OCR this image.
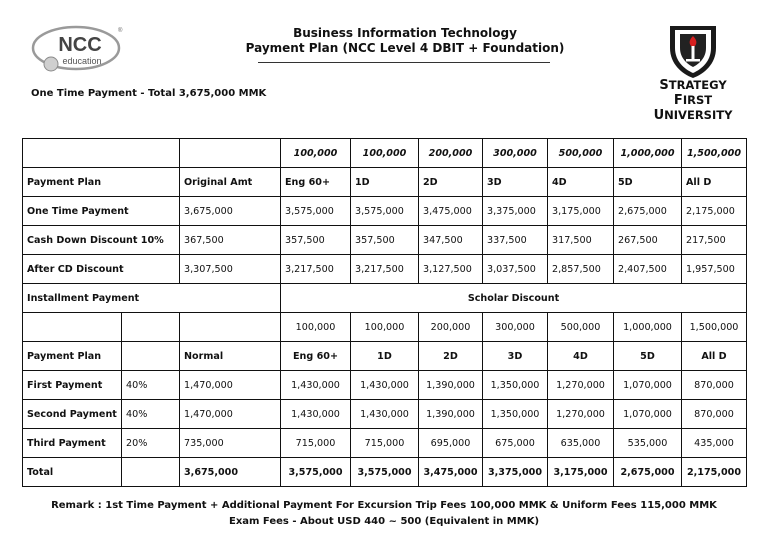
NCC
education
®	Business Information Technology
Payment Plan (NCC Level 4 DBIT + Foundation)
One Time Payment - Total 3,675,000 MMK
STRATEGY FIRST
UNIVERSITY
			100,000	100,000	200,000	300,000	500,000	1,000,000	1,500,000
Payment Plan		Original Amt	Eng 60+	1D	2D	3D	4D	5D	All D
One Time Payment		3,675,000	3,575,000	3,575,000	3,475,000	3,375,000	3,175,000	2,675,000	2,175,000
Cash Down Discount 10%		367,500	357,500	357,500	347,500	337,500	317,500	267,500	217,500
After CD Discount		3,307,500	3,217,500	3,217,500	3,127,500	3,037,500	2,857,500	2,407,500	1,957,500
Installment Payment			Scholar Discount						
			100,000	100,000	200,000	300,000	500,000	1,000,000	1,500,000
Payment Plan		Normal	Eng 60+	1D	2D	3D	4D	5D	All D
First Payment	40%	1,470,000	1,430,000	1,430,000	1,390,000	1,350,000	1,270,000	1,070,000	870,000
Second Payment	40%	1,470,000	1,430,000	1,430,000	1,390,000	1,350,000	1,270,000	1,070,000	870,000
Third Payment	20%	735,000	715,000	715,000	695,000	675,000	635,000	535,000	435,000
Total		3,675,000	3,575,000	3,575,000	3,475,000	3,375,000	3,175,000	2,675,000	2,175,000
Remark : 1st Time Payment + Additional Payment For Excursion Trip Fees 100,000 MMK & Uniform Fees 115,000 MMK
Exam Fees - About USD 440 ~ 500 (Equivalent in MMK)
